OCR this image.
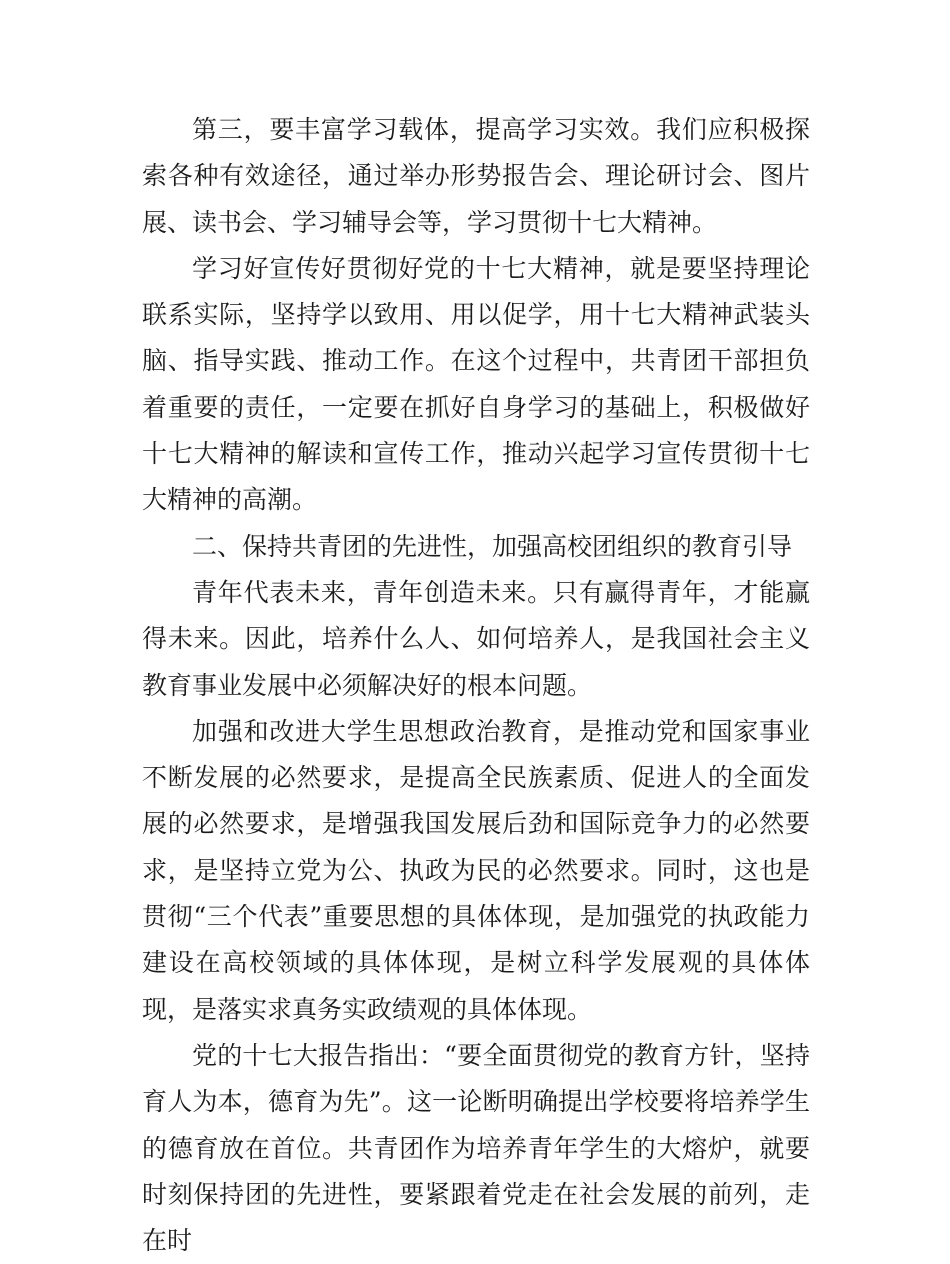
第三，要丰富学习载体，提高学习实效。我们应积极探索各种有效途径，通过举办形势报告会、理论研讨会、图片展、读书会、学习辅导会等，学习贯彻十七大精神。

学习好宣传好贯彻好党的十七大精神，就是要坚持理论联系实际，坚持学以致用、用以促学，用十七大精神武装头脑、指导实践、推动工作。在这个过程中，共青团干部担负着重要的责任，一定要在抓好自身学习的基础上，积极做好十七大精神的解读和宣传工作，推动兴起学习宣传贯彻十七大精神的高潮。

二、保持共青团的先进性，加强高校团组织的教育引导

青年代表未来，青年创造未来。只有赢得青年，才能赢得未来。因此，培养什么人、如何培养人，是我国社会主义教育事业发展中必须解决好的根本问题。

加强和改进大学生思想政治教育，是推动党和国家事业不断发展的必然要求，是提高全民族素质、促进人的全面发展的必然要求，是增强我国发展后劲和国际竞争力的必然要求，是坚持立党为公、执政为民的必然要求。同时，这也是贯彻“三个代表”重要思想的具体体现，是加强党的执政能力建设在高校领域的具体体现，是树立科学发展观的具体体现，是落实求真务实政绩观的具体体现。

党的十七大报告指出：“要全面贯彻党的教育方针，坚持育人为本，德育为先”。这一论断明确提出学校要将培养学生的德育放在首位。共青团作为培养青年学生的大熔炉，就要时刻保持团的先进性，要紧跟着党走在社会发展的前列，走在时
